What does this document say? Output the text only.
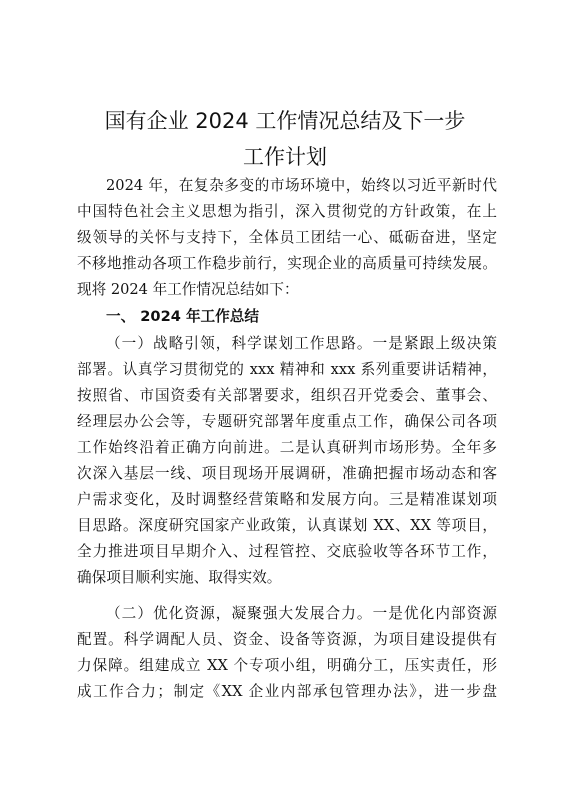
国有企业 2024 工作情况总结及下一步
工作计划
2024 年，在复杂多变的市场环境中，始终以习近平新时代
中国特色社会主义思想为指引，深入贯彻党的方针政策，在上
级领导的关怀与支持下，全体员工团结一心、砥砺奋进，坚定
不移地推动各项工作稳步前行，实现企业的高质量可持续发展。
现将 2024 年工作情况总结如下：
一、 2024 年工作总结
（一）战略引领，科学谋划工作思路。一是紧跟上级决策
部署。认真学习贯彻党的 xxx 精神和 xxx 系列重要讲话精神，
按照省、市国资委有关部署要求，组织召开党委会、董事会、
经理层办公会等，专题研究部署年度重点工作，确保公司各项
工作始终沿着正确方向前进。二是认真研判市场形势。全年多
次深入基层一线、项目现场开展调研，准确把握市场动态和客
户需求变化，及时调整经营策略和发展方向。三是精准谋划项
目思路。深度研究国家产业政策，认真谋划 XX、XX 等项目，
全力推进项目早期介入、过程管控、交底验收等各环节工作，
确保项目顺利实施、取得实效。
（二）优化资源，凝聚强大发展合力。一是优化内部资源
配置。科学调配人员、资金、设备等资源，为项目建设提供有
力保障。组建成立 XX 个专项小组，明确分工，压实责任，形
成工作合力；制定《XX 企业内部承包管理办法》，进一步盘
